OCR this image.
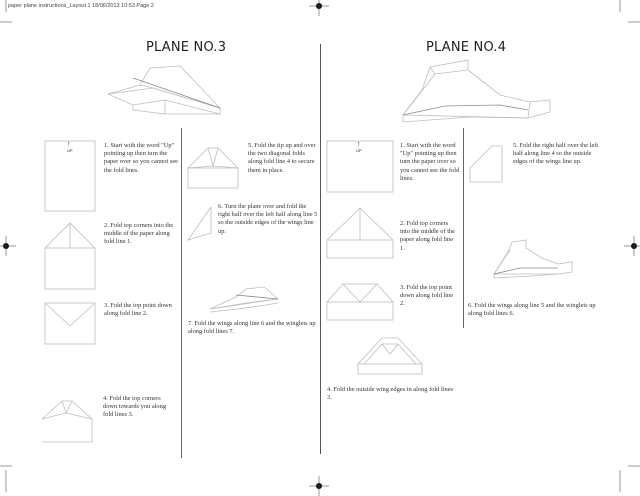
paper plane instructions_Layout 1 18/06/2013 10:53 Page 2
PLANE NO.3
↑
UP
1. Start with the word "Up" pointing up then turn the paper over so you cannot see the fold lines.
2. Fold top corners into the middle of the paper along fold line 1.
3. Fold the top point down along fold line 2.
4. Fold the top corners down towards you along fold lines 3.
5. Fold the tip up and over the two diagonal folds along fold line 4 to secure them in place.
6. Turn the plane over and fold the right half over the left half along line 5 so the outside edges of the wings line up.
7. Fold the wings along line 6 and the winglets up along fold lines 7.
PLANE NO.4
↑
UP
1. Start with the word "Up" pointing up then turn the paper over so you cannot see the fold lines.
2. Fold top corners into the middle of the paper along fold line 1.
3. Fold the top point down along fold line 2.
4. Fold the outside wing edges in along fold lines 3.
5. Fold the right half over the left half along line 4 so the outside edges of the wings line up.
6. Fold the wings along line 5 and the winglets up along fold lines 6.
